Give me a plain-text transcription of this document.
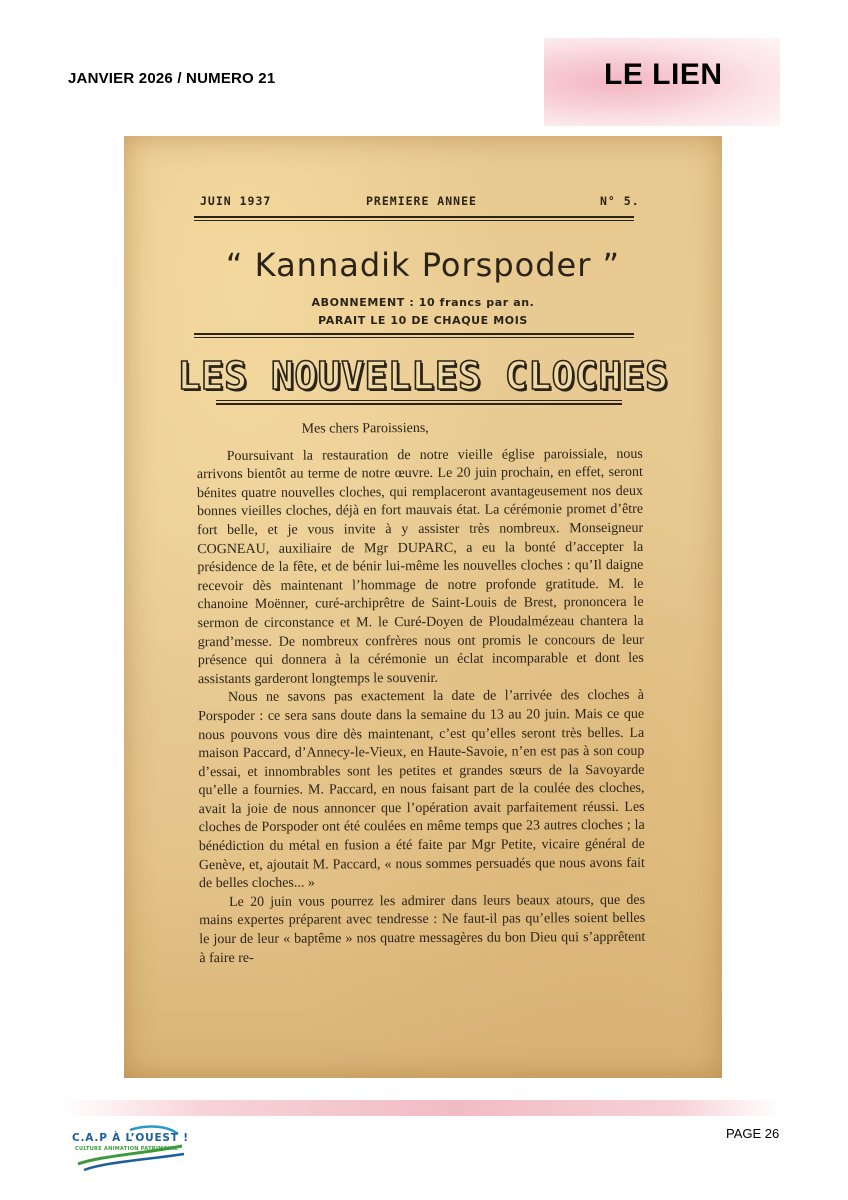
JANVIER 2026 / NUMERO 21	LE LIEN
JUIN 1937	PREMIERE ANNEE	N° 5.
“ Kannadik Porspoder ”
ABONNEMENT : 10 francs par an.
PARAIT LE 10 DE CHAQUE MOIS
LES NOUVELLES CLOCHES
Mes chers Paroissiens,

Poursuivant la restauration de notre vieille église paroissiale, nous arrivons bientôt au terme de notre œuvre. Le 20 juin prochain, en effet, seront bénites quatre nouvelles cloches, qui remplaceront avantageusement nos deux bonnes vieilles cloches, déjà en fort mauvais état. La cérémonie promet d’être fort belle, et je vous invite à y assister très nombreux. Monseigneur COGNEAU, auxiliaire de Mgr DUPARC, a eu la bonté d’accepter la présidence de la fête, et de bénir lui-même les nouvelles cloches : qu’Il daigne recevoir dès maintenant l’hommage de notre profonde gratitude. M. le chanoine Moënner, curé-archiprêtre de Saint-Louis de Brest, prononcera le sermon de circonstance et M. le Curé-Doyen de Ploudalmézeau chantera la grand’messe. De nombreux confrères nous ont promis le concours de leur présence qui donnera à la cérémonie un éclat incomparable et dont les assistants garderont longtemps le souvenir.

Nous ne savons pas exactement la date de l’arrivée des cloches à Porspoder : ce sera sans doute dans la semaine du 13 au 20 juin. Mais ce que nous pouvons vous dire dès maintenant, c’est qu’elles seront très belles. La maison Paccard, d’Annecy-le-Vieux, en Haute-Savoie, n’en est pas à son coup d’essai, et innombrables sont les petites et grandes sœurs de la Savoyarde qu’elle a fournies. M. Paccard, en nous faisant part de la coulée des cloches, avait la joie de nous annoncer que l’opération avait parfaitement réussi. Les cloches de Porspoder ont été coulées en même temps que 23 autres cloches ; la bénédiction du métal en fusion a été faite par Mgr Petite, vicaire général de Genève, et, ajoutait M. Paccard, « nous sommes persuadés que nous avons fait de belles cloches... »

Le 20 juin vous pourrez les admirer dans leurs beaux atours, que des mains expertes préparent avec tendresse : Ne faut-il pas qu’elles soient belles le jour de leur « baptême » nos quatre messagères du bon Dieu qui s’apprêtent à faire re-

C.A.P À L’OUEST !
CULTURE ANIMATION PATRIMOINE
PAGE 26
